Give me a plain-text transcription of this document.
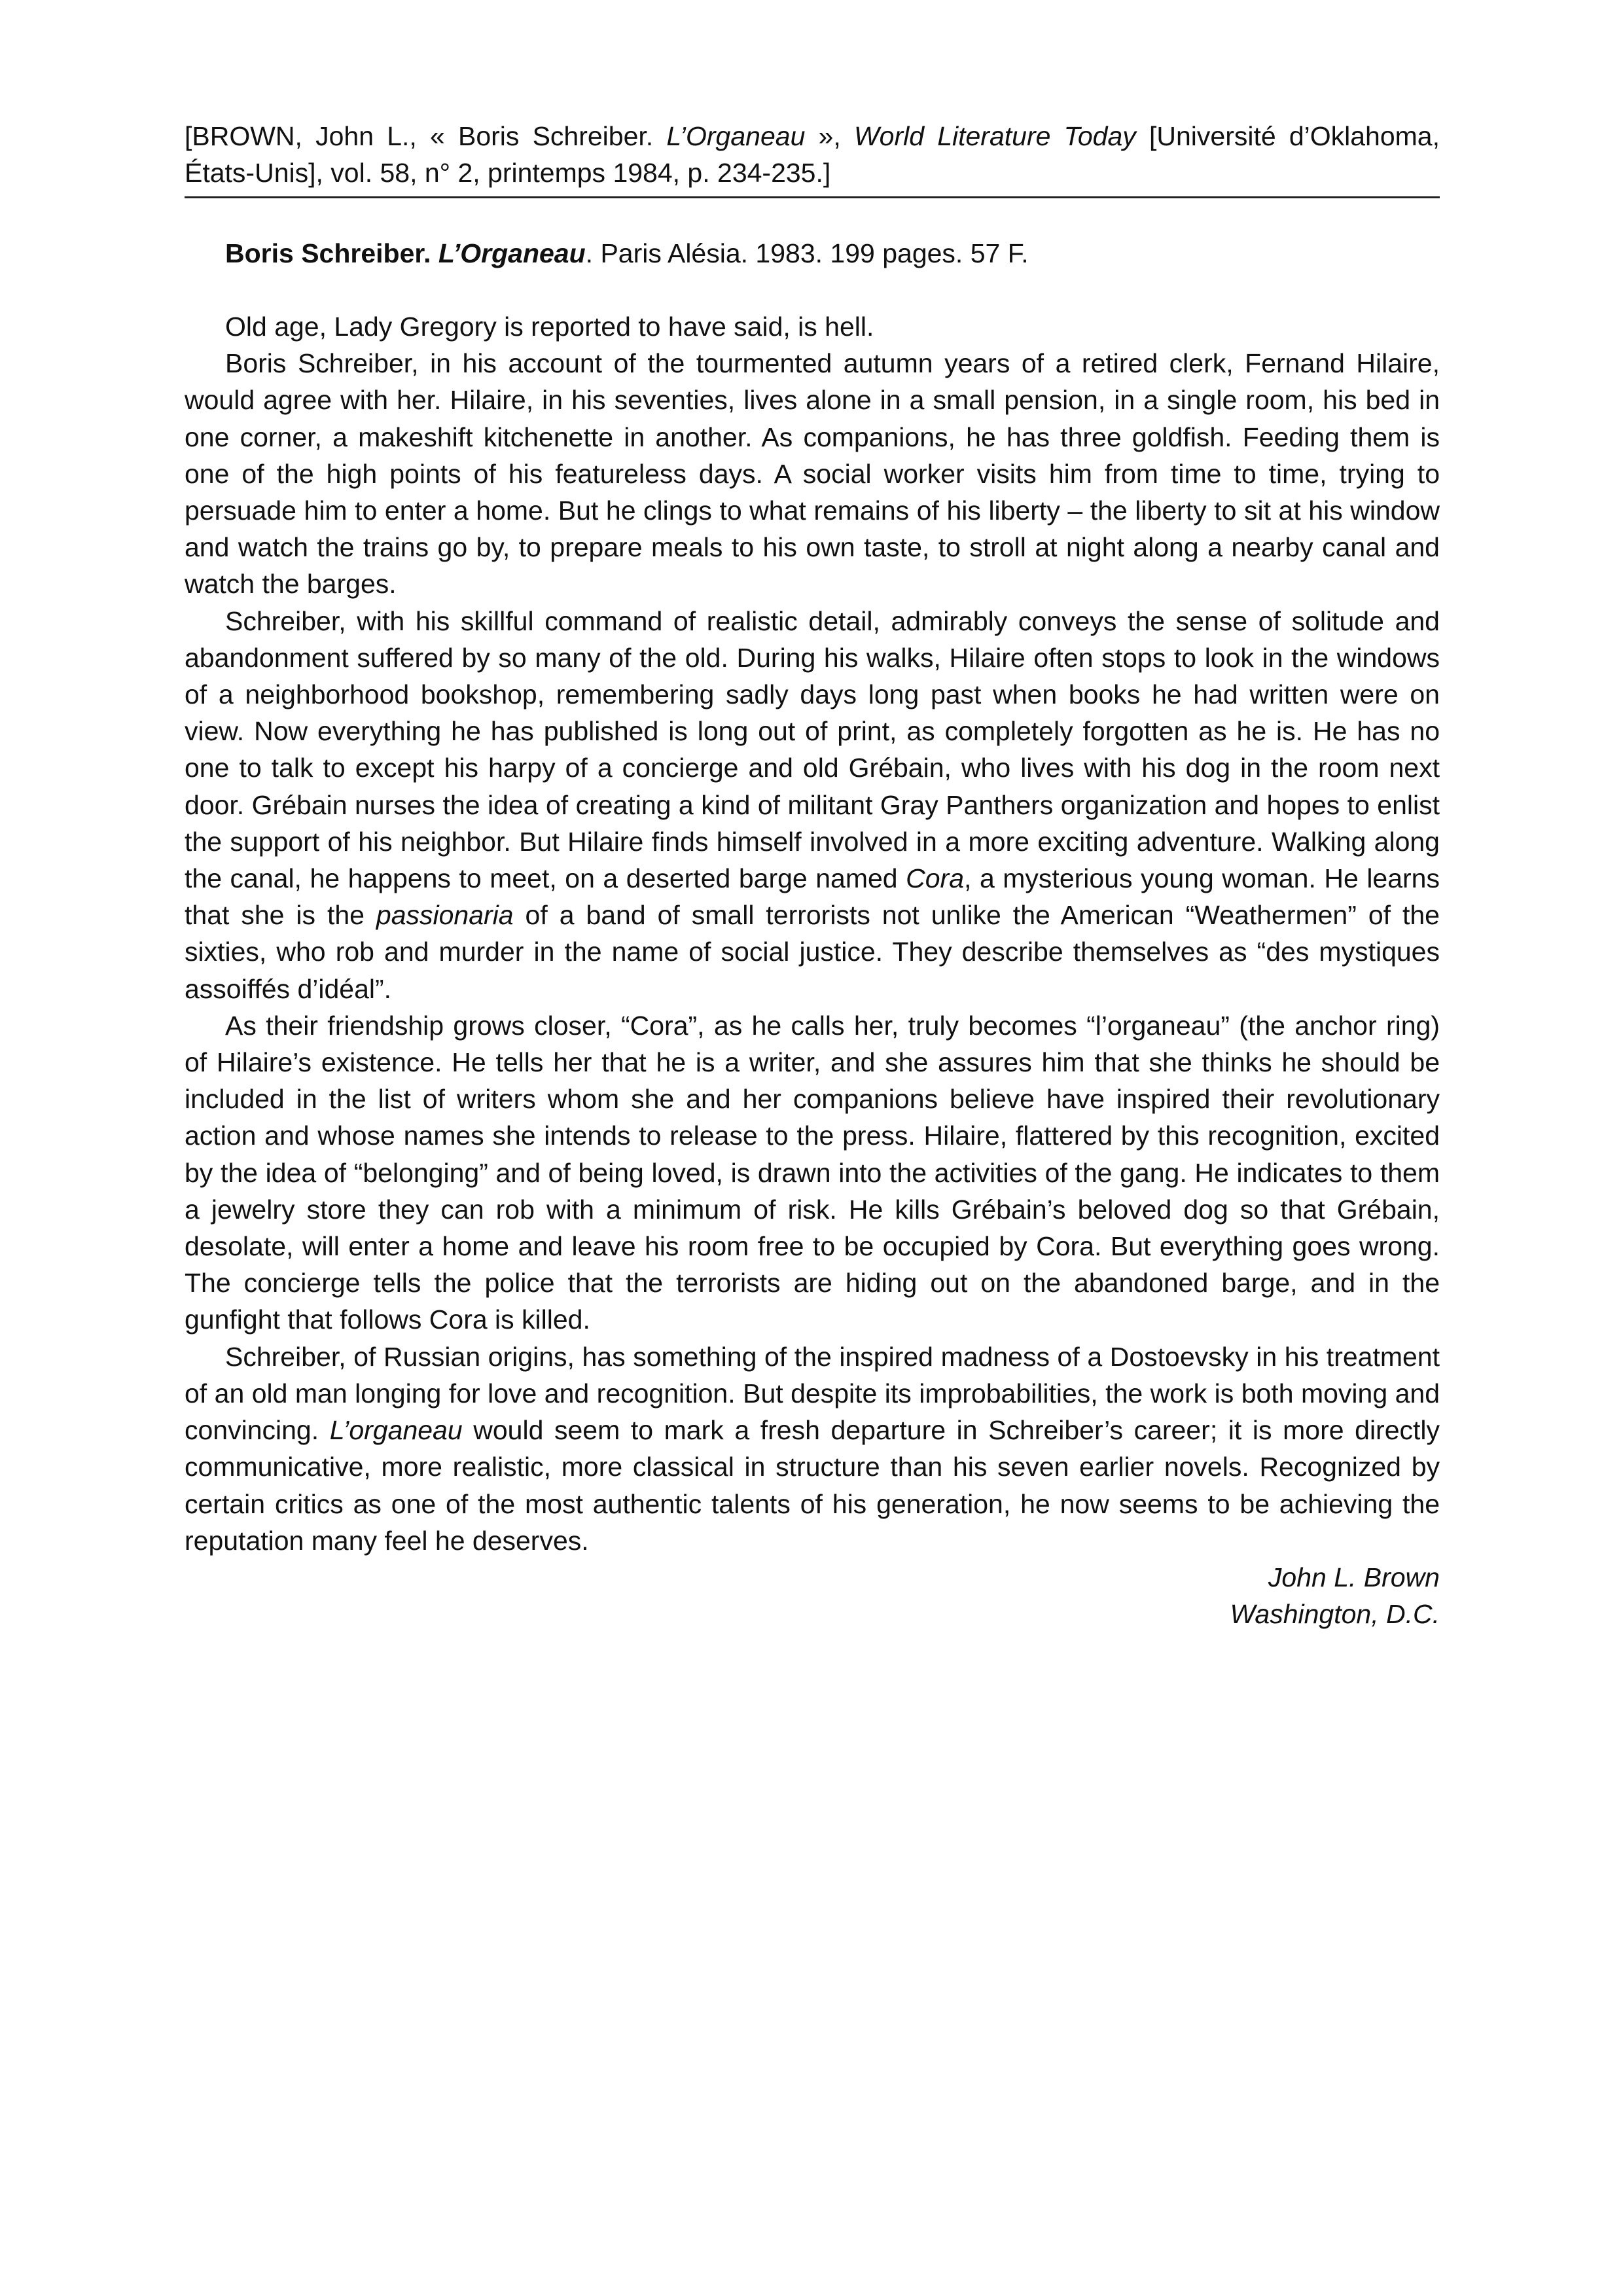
[BROWN, John L., « Boris Schreiber. L’Organeau », World Literature Today [Université d’Oklahoma, États-Unis], vol. 58, n° 2, printemps 1984, p. 234-235.]

Boris Schreiber. L’Organeau. Paris Alésia. 1983. 199 pages. 57 F.

Old age, Lady Gregory is reported to have said, is hell.

Boris Schreiber, in his account of the tourmented autumn years of a retired clerk, Fernand Hilaire, would agree with her. Hilaire, in his seventies, lives alone in a small pension, in a single room, his bed in one corner, a makeshift kitchenette in another. As companions, he has three goldfish. Feeding them is one of the high points of his featureless days. A social worker visits him from time to time, trying to persuade him to enter a home. But he clings to what remains of his liberty – the liberty to sit at his window and watch the trains go by, to prepare meals to his own taste, to stroll at night along a nearby canal and watch the barges.

Schreiber, with his skillful command of realistic detail, admirably conveys the sense of solitude and abandonment suffered by so many of the old. During his walks, Hilaire often stops to look in the windows of a neighborhood bookshop, remembering sadly days long past when books he had written were on view. Now everything he has published is long out of print, as completely forgotten as he is. He has no one to talk to except his harpy of a concierge and old Grébain, who lives with his dog in the room next door. Grébain nurses the idea of creating a kind of militant Gray Panthers organization and hopes to enlist the support of his neighbor. But Hilaire finds himself involved in a more exciting adventure. Walking along the canal, he happens to meet, on a deserted barge named Cora, a mysterious young woman. He learns that she is the passionaria of a band of small terrorists not unlike the American “Weathermen” of the sixties, who rob and murder in the name of social justice. They describe themselves as “des mystiques assoiffés d’idéal”.

As their friendship grows closer, “Cora”, as he calls her, truly becomes “l’organeau” (the anchor ring) of Hilaire’s existence. He tells her that he is a writer, and she assures him that she thinks he should be included in the list of writers whom she and her companions believe have inspired their revolutionary action and whose names she intends to release to the press. Hilaire, flattered by this recognition, excited by the idea of “belonging” and of being loved, is drawn into the activities of the gang. He indicates to them a jewelry store they can rob with a minimum of risk. He kills Grébain’s beloved dog so that Grébain, desolate, will enter a home and leave his room free to be occupied by Cora. But everything goes wrong. The concierge tells the police that the terrorists are hiding out on the abandoned barge, and in the gunfight that follows Cora is killed.

Schreiber, of Russian origins, has something of the inspired madness of a Dostoevsky in his treatment of an old man longing for love and recognition. But despite its improbabilities, the work is both moving and convincing. L’organeau would seem to mark a fresh departure in Schreiber’s career; it is more directly communicative, more realistic, more classical in structure than his seven earlier novels. Recognized by certain critics as one of the most authentic talents of his generation, he now seems to be achieving the reputation many feel he deserves.

John L. Brown

Washington, D.C.
